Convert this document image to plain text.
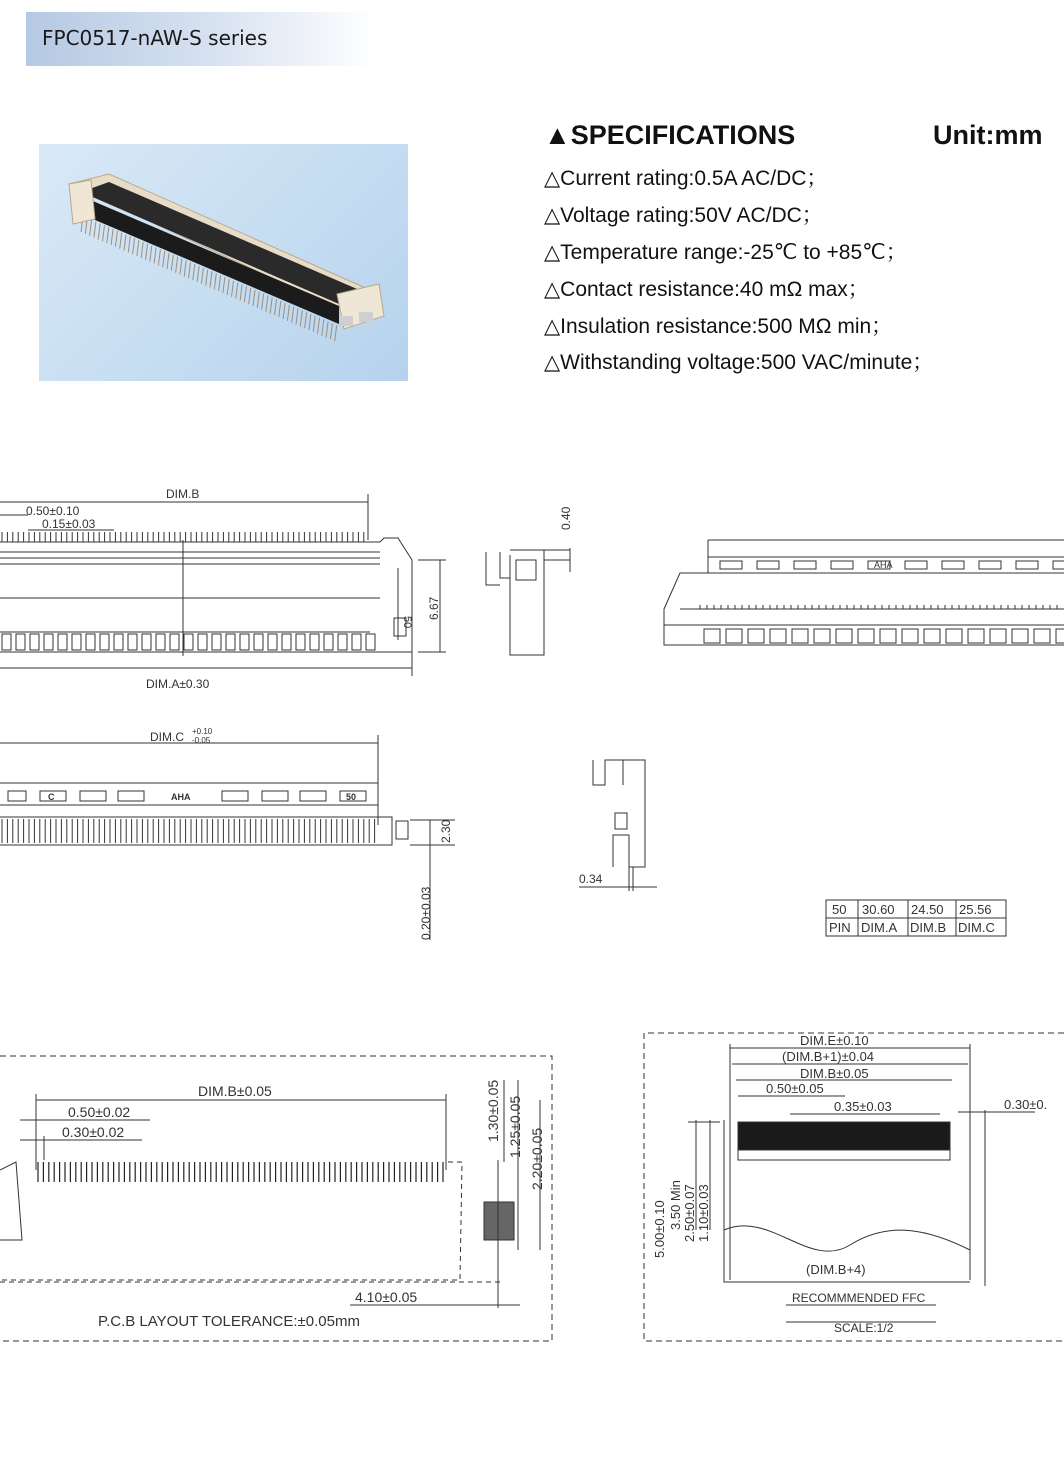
FPC0517-nAW-S series
▲SPECIFICATIONS	Unit:mm
△Current rating:0.5A AC/DC；
△Voltage rating:50V AC/DC；
△Temperature range:-25℃ to +85℃；
△Contact resistance:40 mΩ max；
△Insulation resistance:500 MΩ min；
△Withstanding voltage:500 VAC/minute；
DIM.B
0.50±0.10
0.15±0.03
DIM.A±0.30
6.67
50
0.40
AHA
DIM.C +0.10
-0.05
C	AHA	50
2.30
0.20±0.03
0.34
50 30.60 24.50 25.56
PIN DIM.A DIM.B DIM.C
DIM.B±0.05
0.50±0.02
0.30±0.02	1.30±0.05 1.25±0.05
2.20±0.05
4.10±0.05
P.C.B LAYOUT TOLERANCE:±0.05mm
DIM.E±0.10
(DIM.B+1)±0.04
DIM.B±0.05
0.50±0.05
0.35±0.03	0.30±0.
5.00±0.10 3.50 Min 2.50±0.07 1.10±0.03
(DIM.B+4)
RECOMMMENDED FFC
SCALE:1/2
